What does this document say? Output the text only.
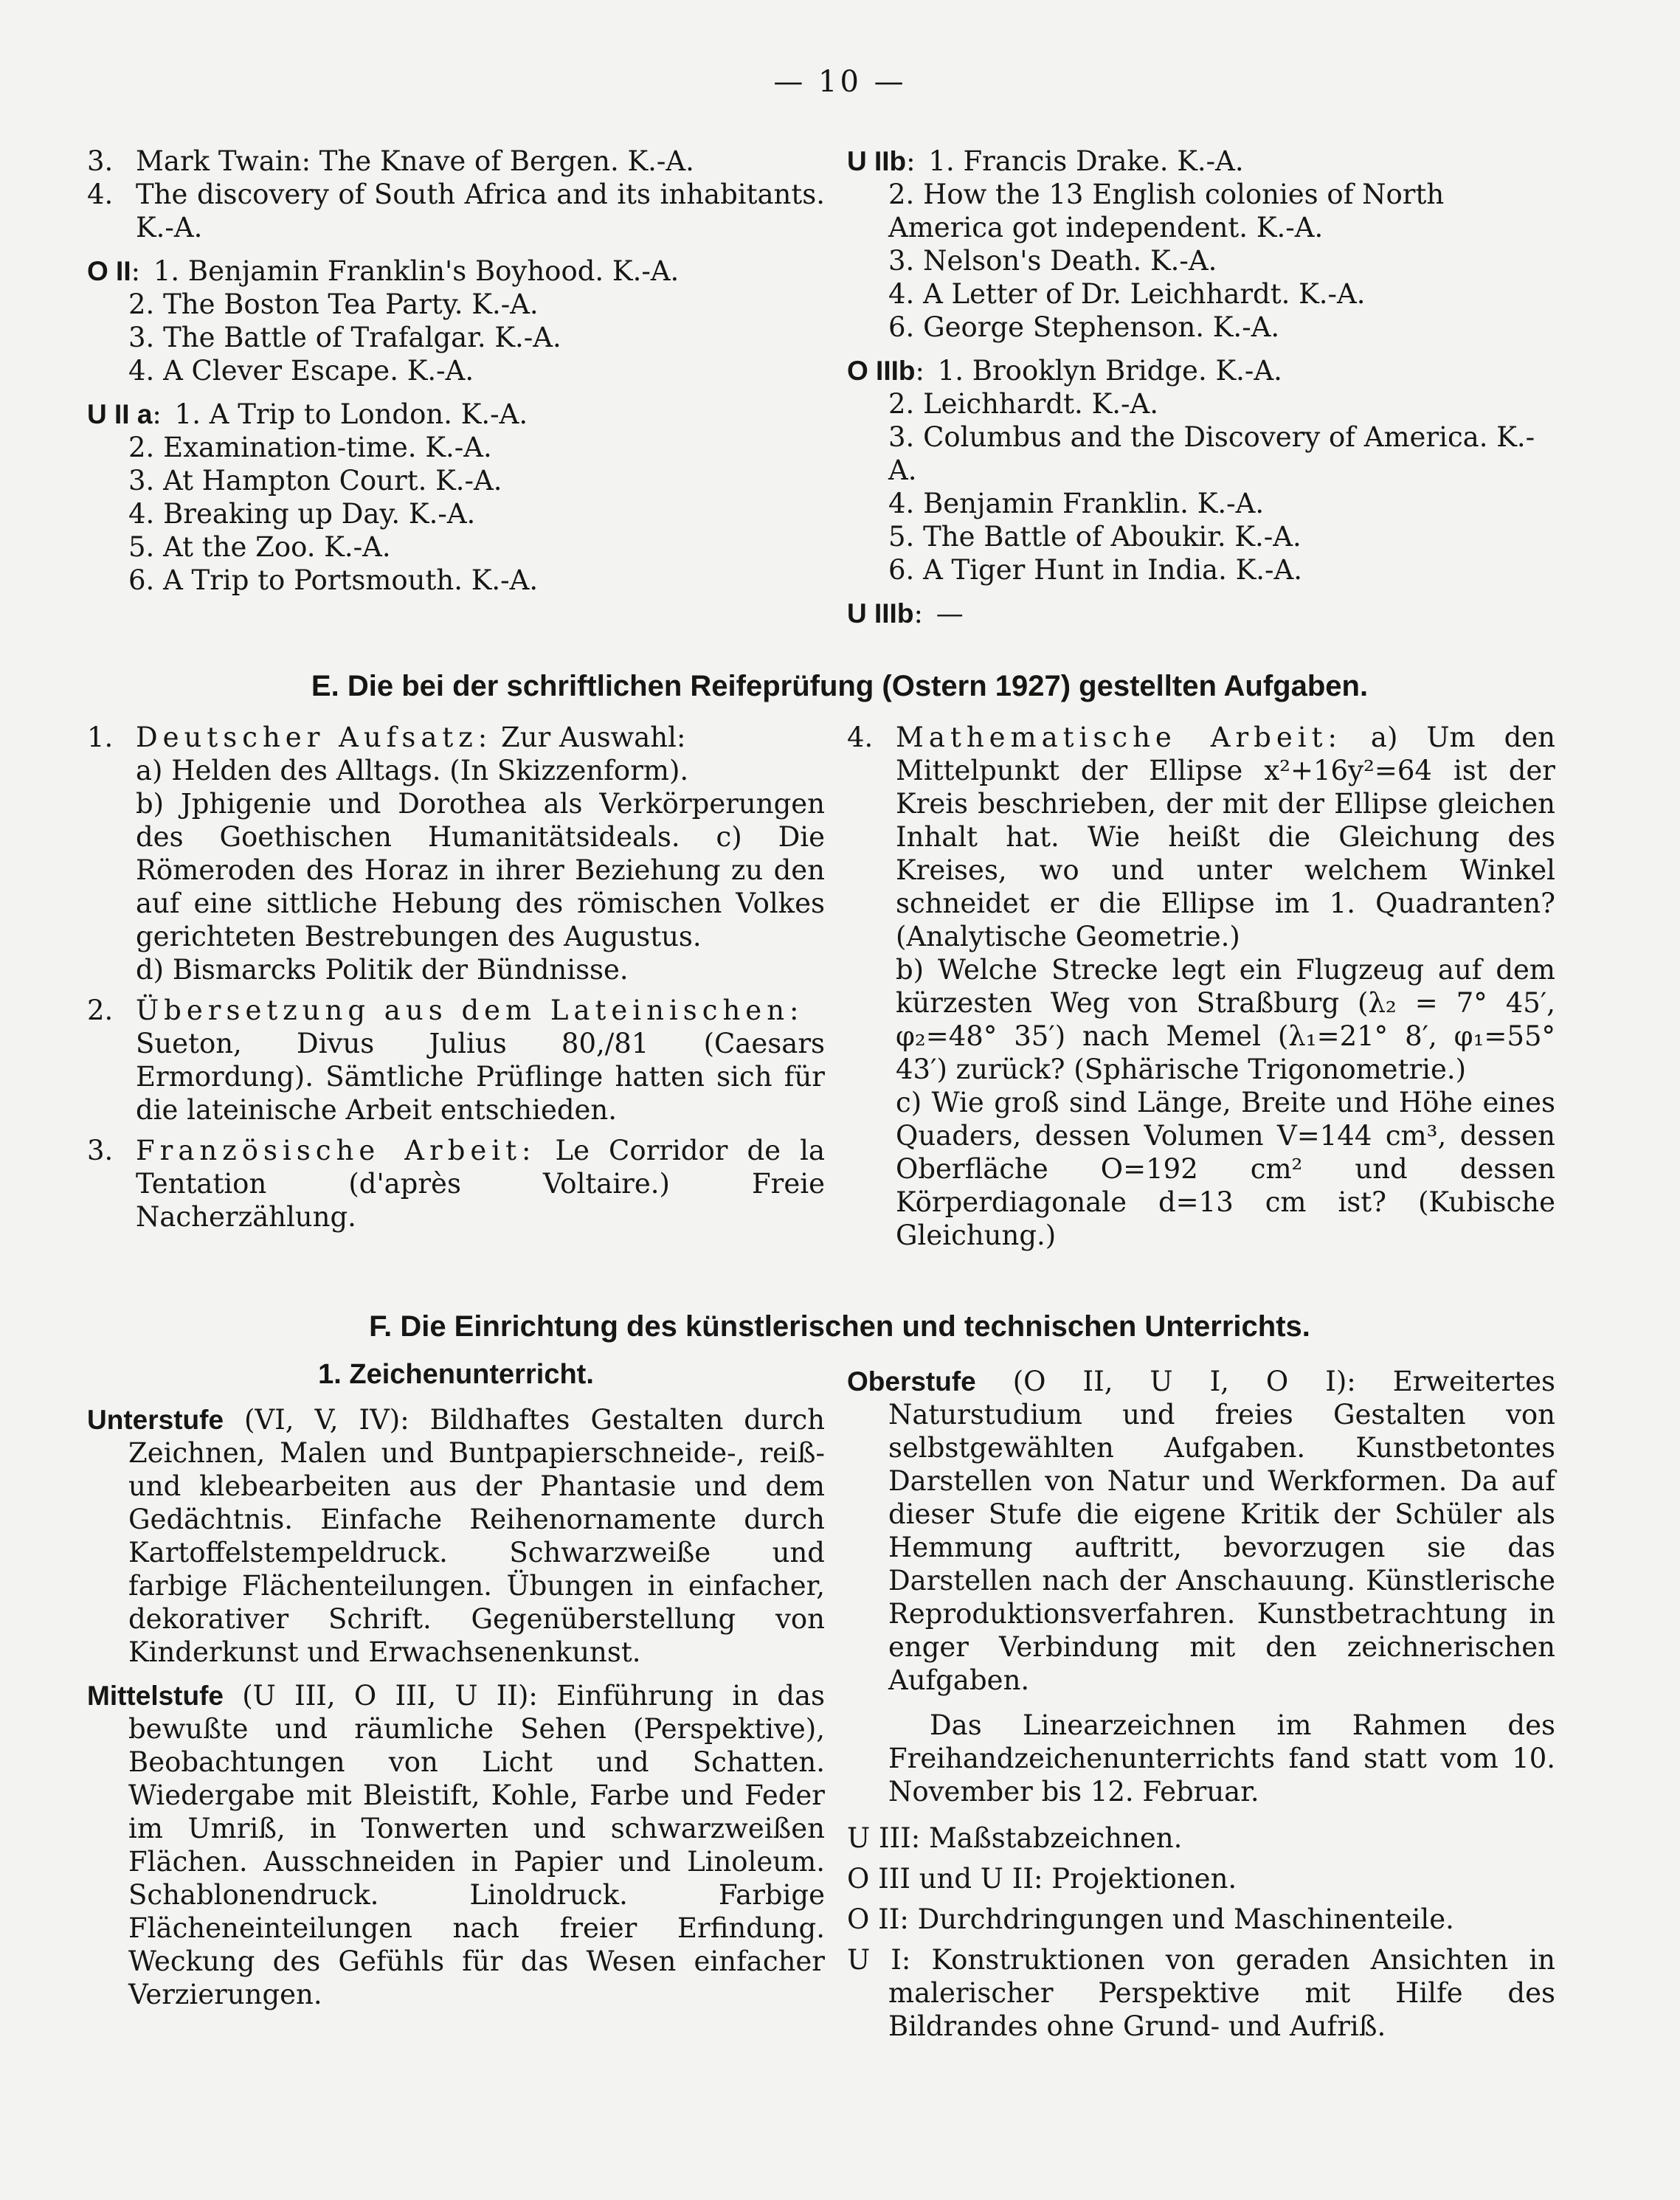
— 10 —
3. Mark Twain: The Knave of Bergen. K.-A.
4. The discovery of South Africa and its inhabitants. K.-A.
O II: 1. Benjamin Franklin's Boyhood. K.-A.
2. The Boston Tea Party. K.-A.
3. The Battle of Trafalgar. K.-A.
4. A Clever Escape. K.-A.
U II a: 1. A Trip to London. K.-A.
2. Examination-time. K.-A.
3. At Hampton Court. K.-A.
4. Breaking up Day. K.-A.
5. At the Zoo. K.-A.
6. A Trip to Portsmouth. K.-A.
U IIb: 1. Francis Drake. K.-A.
2. How the 13 English colonies of North America got independent. K.-A.
3. Nelson's Death. K.-A.
4. A Letter of Dr. Leichhardt. K.-A.
6. George Stephenson. K.-A.
O IIIb: 1. Brooklyn Bridge. K.-A.
2. Leichhardt. K.-A.
3. Columbus and the Discovery of America. K.-A.
4. Benjamin Franklin. K.-A.
5. The Battle of Aboukir. K.-A.
6. A Tiger Hunt in India. K.-A.
U IIIb: —
E. Die bei der schriftlichen Reifeprüfung (Ostern 1927) gestellten Aufgaben.
1. Deutscher Aufsatz: Zur Auswahl:
a) Helden des Alltags. (In Skizzenform).
b) Jphigenie und Dorothea als Verkörperungen des Goethischen Humanitätsideals. c) Die Römeroden des Horaz in ihrer Beziehung zu den auf eine sittliche Hebung des römischen Volkes gerichteten Bestrebungen des Augustus.
d) Bismarcks Politik der Bündnisse.
2. Übersetzung aus dem Lateinischen:
Sueton, Divus Julius 80,/81 (Caesars Ermordung). Sämtliche Prüflinge hatten sich für die lateinische Arbeit entschieden.
3. Französische Arbeit: Le Corridor de la Tentation (d'après Voltaire.) Freie Nacherzählung.
4. Mathematische Arbeit: a) Um den Mittelpunkt der Ellipse x²+16y²=64 ist der Kreis beschrieben, der mit der Ellipse gleichen Inhalt hat. Wie heißt die Gleichung des Kreises, wo und unter welchem Winkel schneidet er die Ellipse im 1. Quadranten? (Analytische Geometrie.)
b) Welche Strecke legt ein Flugzeug auf dem kürzesten Weg von Straßburg (λ₂ = 7° 45′, φ₂=48° 35′) nach Memel (λ₁=21° 8′, φ₁=55° 43′) zurück? (Sphärische Trigonometrie.)
c) Wie groß sind Länge, Breite und Höhe eines Quaders, dessen Volumen V=144 cm³, dessen Oberfläche O=192 cm² und dessen Körperdiagonale d=13 cm ist? (Kubische Gleichung.)
F. Die Einrichtung des künstlerischen und technischen Unterrichts.
1. Zeichenunterricht.
Unterstufe (VI, V, IV): Bildhaftes Gestalten durch Zeichnen, Malen und Buntpapierschneide-, reiß- und klebearbeiten aus der Phantasie und dem Gedächtnis. Einfache Reihenornamente durch Kartoffelstempeldruck. Schwarzweiße und farbige Flächenteilungen. Übungen in einfacher, dekorativer Schrift. Gegenüberstellung von Kinderkunst und Erwachsenenkunst.
Mittelstufe (U III, O III, U II): Einführung in das bewußte und räumliche Sehen (Perspektive), Beobachtungen von Licht und Schatten. Wiedergabe mit Bleistift, Kohle, Farbe und Feder im Umriß, in Tonwerten und schwarzweißen Flächen. Ausschneiden in Papier und Linoleum. Schablonendruck. Linoldruck. Farbige Flächeneinteilungen nach freier Erfindung. Weckung des Gefühls für das Wesen einfacher Verzierungen.
Oberstufe (O II, U I, O I): Erweitertes Naturstudium und freies Gestalten von selbstgewählten Aufgaben. Kunstbetontes Darstellen von Natur und Werkformen. Da auf dieser Stufe die eigene Kritik der Schüler als Hemmung auftritt, bevorzugen sie das Darstellen nach der Anschauung. Künstlerische Reproduktionsverfahren. Kunstbetrachtung in enger Verbindung mit den zeichnerischen Aufgaben.
Das Linearzeichnen im Rahmen des Freihandzeichenunterrichts fand statt vom 10. November bis 12. Februar.
U III: Maßstabzeichnen.
O III und U II: Projektionen.
O II: Durchdringungen und Maschinenteile.
U I: Konstruktionen von geraden Ansichten in malerischer Perspektive mit Hilfe des Bildrandes ohne Grund- und Aufriß.
